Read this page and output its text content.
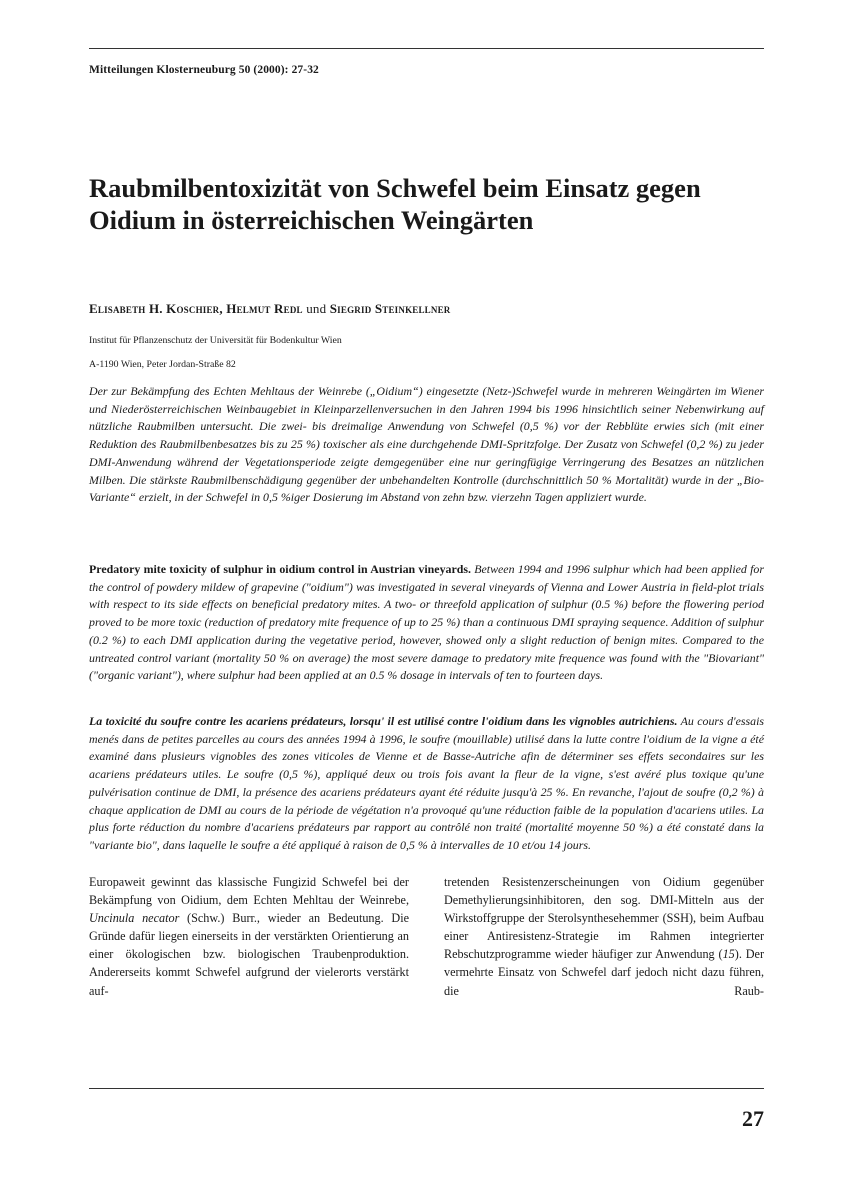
Mitteilungen Klosterneuburg 50 (2000): 27-32
Raubmilbentoxizität von Schwefel beim Einsatz gegen Oidium in österreichischen Weingärten
Elisabeth H. Koschier, Helmut Redl und Siegrid Steinkellner
Institut für Pflanzenschutz der Universität für Bodenkultur Wien
A-1190 Wien, Peter Jordan-Straße 82

Der zur Bekämpfung des Echten Mehltaus der Weinrebe („Oidium“) eingesetzte (Netz-)Schwefel wurde in mehreren Weingärten im Wiener und Niederösterreichischen Weinbaugebiet in Kleinparzellenversuchen in den Jahren 1994 bis 1996 hinsichtlich seiner Nebenwirkung auf nützliche Raubmilben untersucht. Die zwei- bis dreimalige Anwendung von Schwefel (0,5 %) vor der Rebblüte erwies sich (mit einer Reduktion des Raubmilbenbesatzes bis zu 25 %) toxischer als eine durchgehende DMI-Spritzfolge. Der Zusatz von Schwefel (0,2 %) zu jeder DMI-Anwendung während der Vegetationsperiode zeigte demgegenüber eine nur geringfügige Verringerung des Besatzes an nützlichen Milben. Die stärkste Raubmilbenschädigung gegenüber der unbehandelten Kontrolle (durchschnittlich 50 % Mortalität) wurde in der „Bio-Variante“ erzielt, in der Schwefel in 0,5 %iger Dosierung im Abstand von zehn bzw. vierzehn Tagen appliziert wurde.

Predatory mite toxicity of sulphur in oidium control in Austrian vineyards. Between 1994 and 1996 sulphur which had been applied for the control of powdery mildew of grapevine ("oidium") was investigated in several vineyards of Vienna and Lower Austria in field-plot trials with respect to its side effects on beneficial predatory mites. A two- or threefold application of sulphur (0.5 %) before the flowering period proved to be more toxic (reduction of predatory mite frequence of up to 25 %) than a continuous DMI spraying sequence. Addition of sulphur (0.2 %) to each DMI application during the vegetative period, however, showed only a slight reduction of benign mites. Compared to the untreated control variant (mortality 50 % on average) the most severe damage to predatory mite frequence was found with the "Biovariant" ("organic variant"), where sulphur had been applied at an 0.5 % dosage in intervals of ten to fourteen days.

La toxicité du soufre contre les acariens prédateurs, lorsqu' il est utilisé contre l'oidium dans les vignobles autrichiens. Au cours d'essais menés dans de petites parcelles au cours des années 1994 à 1996, le soufre (mouillable) utilisé dans la lutte contre l'oidium de la vigne a été examiné dans plusieurs vignobles des zones viticoles de Vienne et de Basse-Autriche afin de déterminer ses effets secondaires sur les acariens prédateurs utiles. Le soufre (0,5 %), appliqué deux ou trois fois avant la fleur de la vigne, s'est avéré plus toxique qu'une pulvérisation continue de DMI, la présence des acariens prédateurs ayant été réduite jusqu'à 25 %. En revanche, l'ajout de soufre (0,2 %) à chaque application de DMI au cours de la période de végétation n'a provoqué qu'une réduction faible de la population d'acariens utiles. La plus forte réduction du nombre d'acariens prédateurs par rapport au contrôlé non traité (mortalité moyenne 50 %) a été constaté dans la "variante bio", dans laquelle le soufre a été appliqué à raison de 0,5 % à intervalles de 10 et/ou 14 jours.

Europaweit gewinnt das klassische Fungizid Schwefel bei der Bekämpfung von Oidium, dem Echten Mehltau der Weinrebe, Uncinula necator (Schw.) Burr., wieder an Bedeutung. Die Gründe dafür liegen einerseits in der verstärkten Orientierung an einer ökologischen bzw. biologischen Traubenproduktion. Andererseits kommt Schwefel aufgrund der vielerorts verstärkt auf-

tretenden Resistenzerscheinungen von Oidium gegenüber Demethylierungsinhibitoren, den sog. DMI-Mitteln aus der Wirkstoffgruppe der Sterolsynthesehemmer (SSH), beim Aufbau einer Antiresistenz-Strategie im Rahmen integrierter Rebschutzprogramme wieder häufiger zur Anwendung (15). Der vermehrte Einsatz von Schwefel darf jedoch nicht dazu führen, die Raub-

27
